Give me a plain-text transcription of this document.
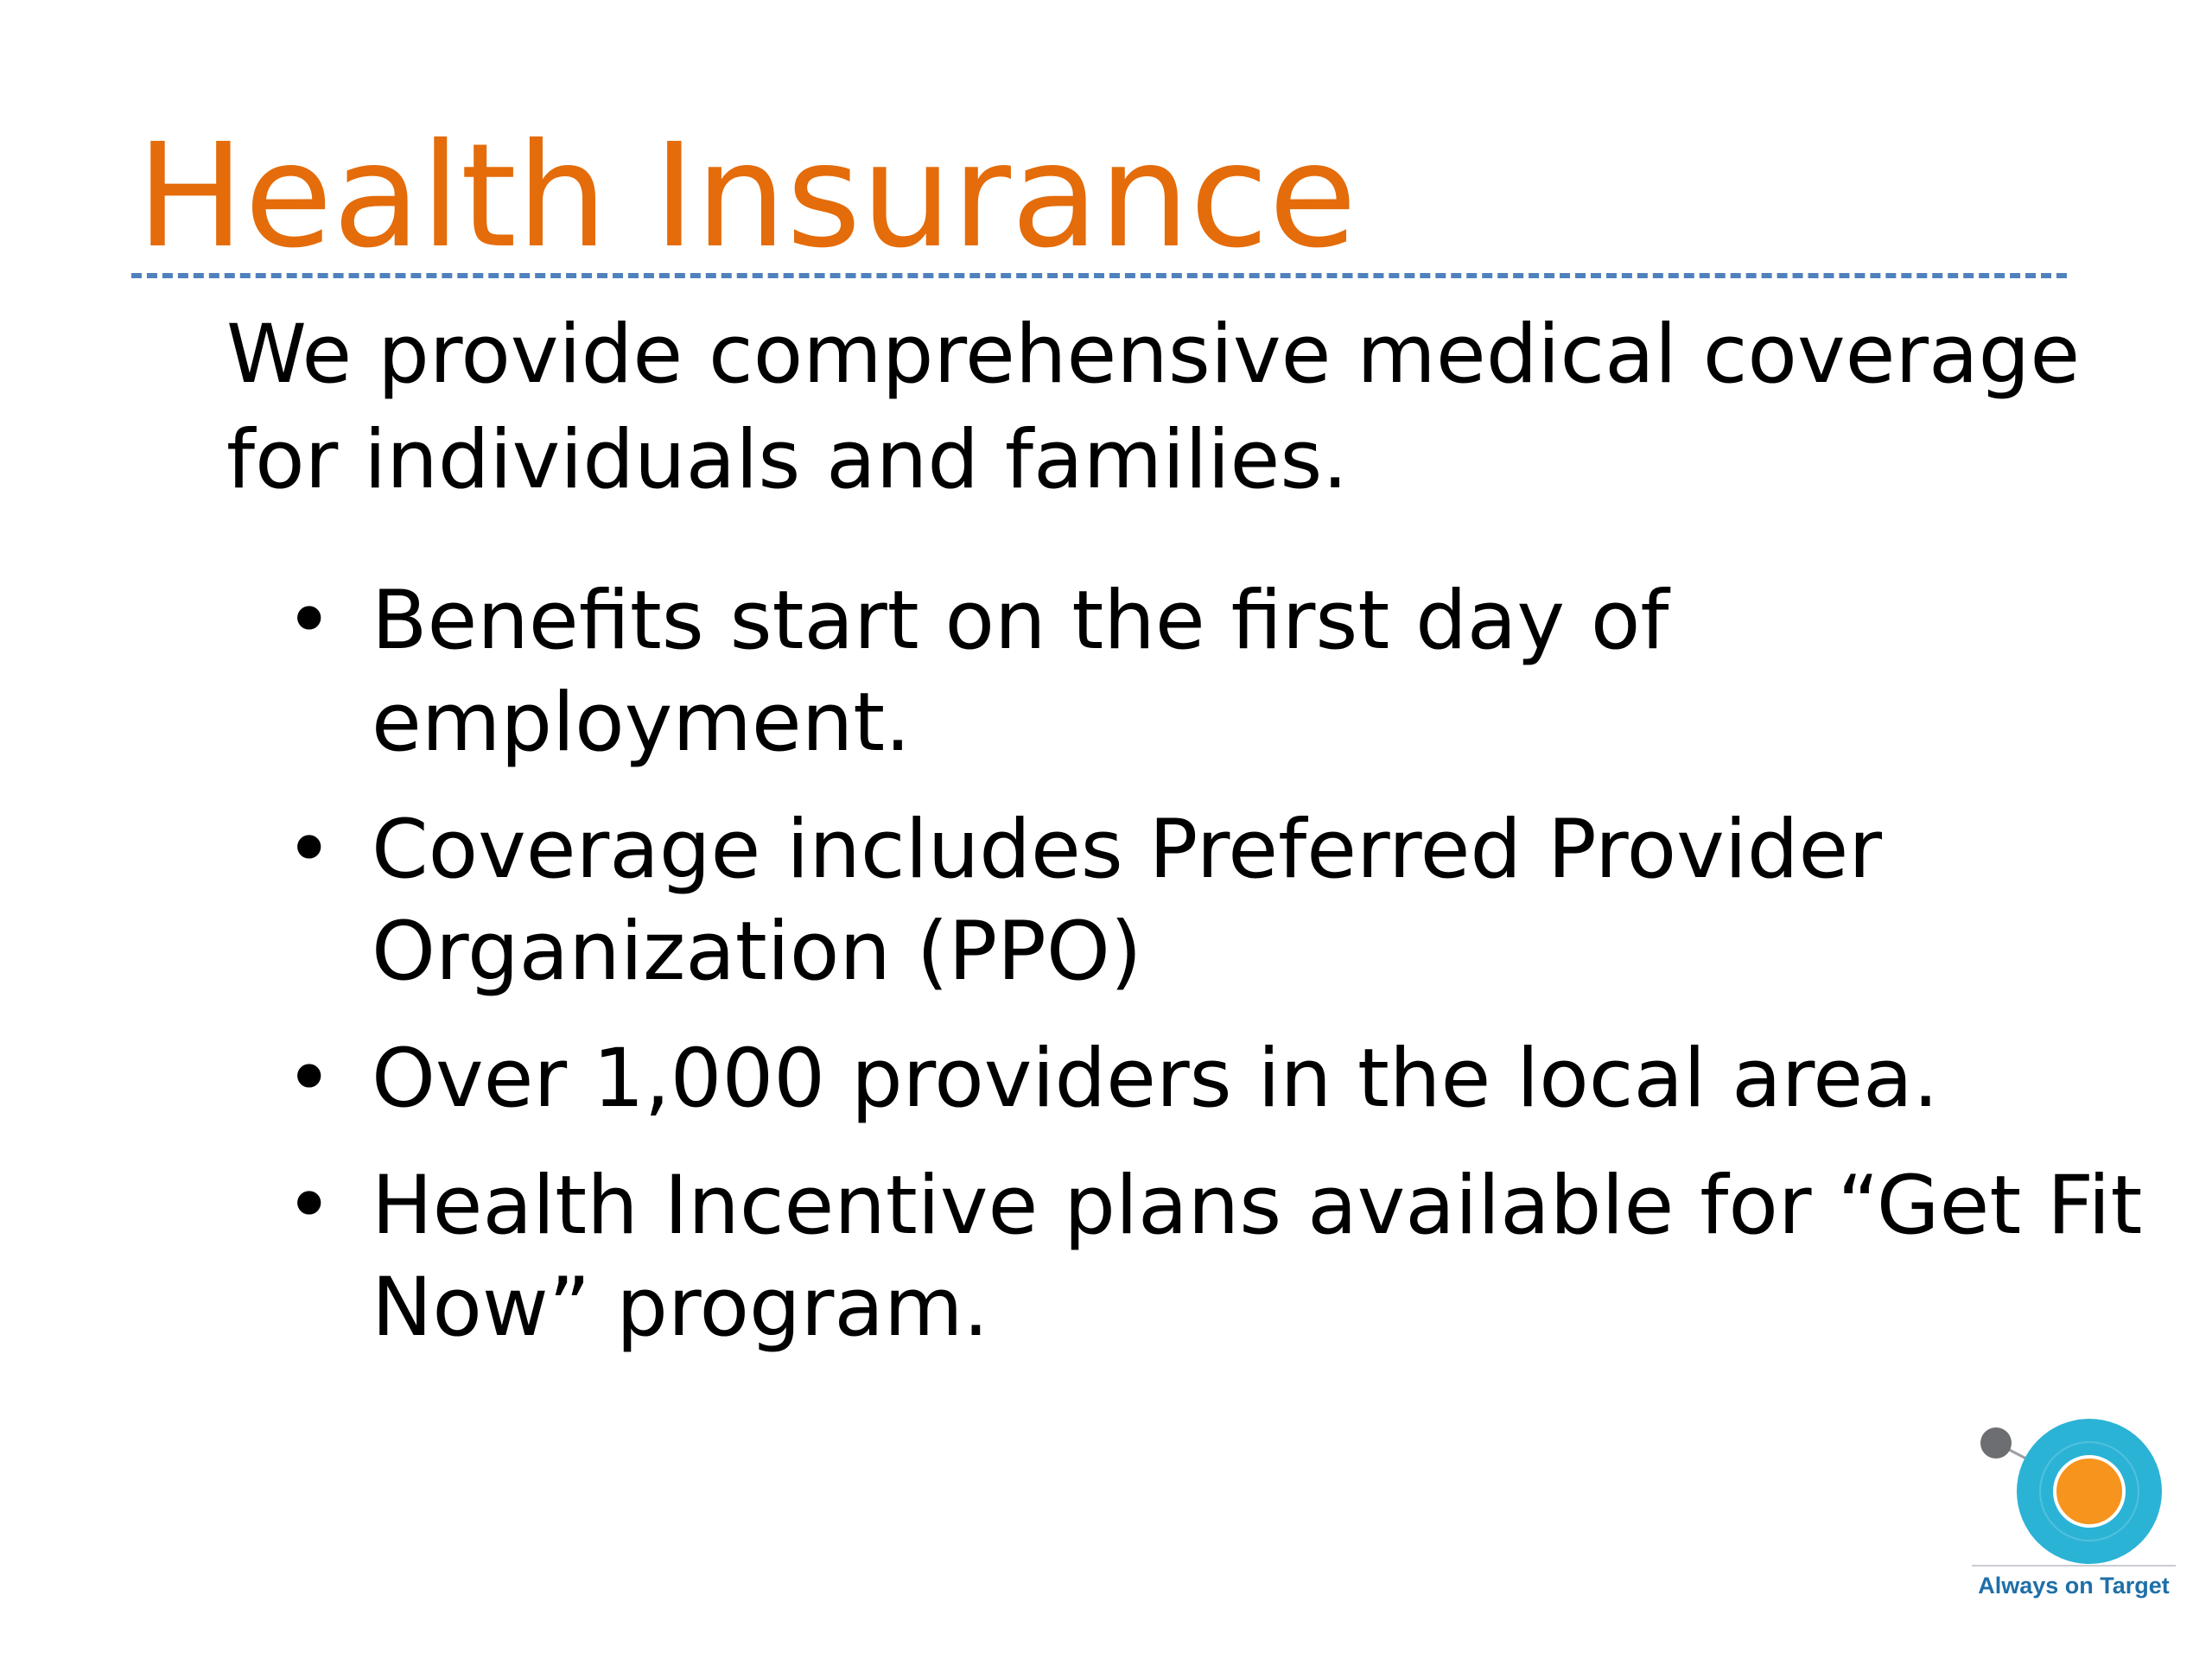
Health Insurance

We provide comprehensive medical coverage for individuals and families.

• Benefits start on the first day of employment.
• Coverage includes Preferred Provider Organization (PPO)
• Over 1,000 providers in the local area.
• Health Incentive plans available for “Get Fit Now” program.
Always on Target
